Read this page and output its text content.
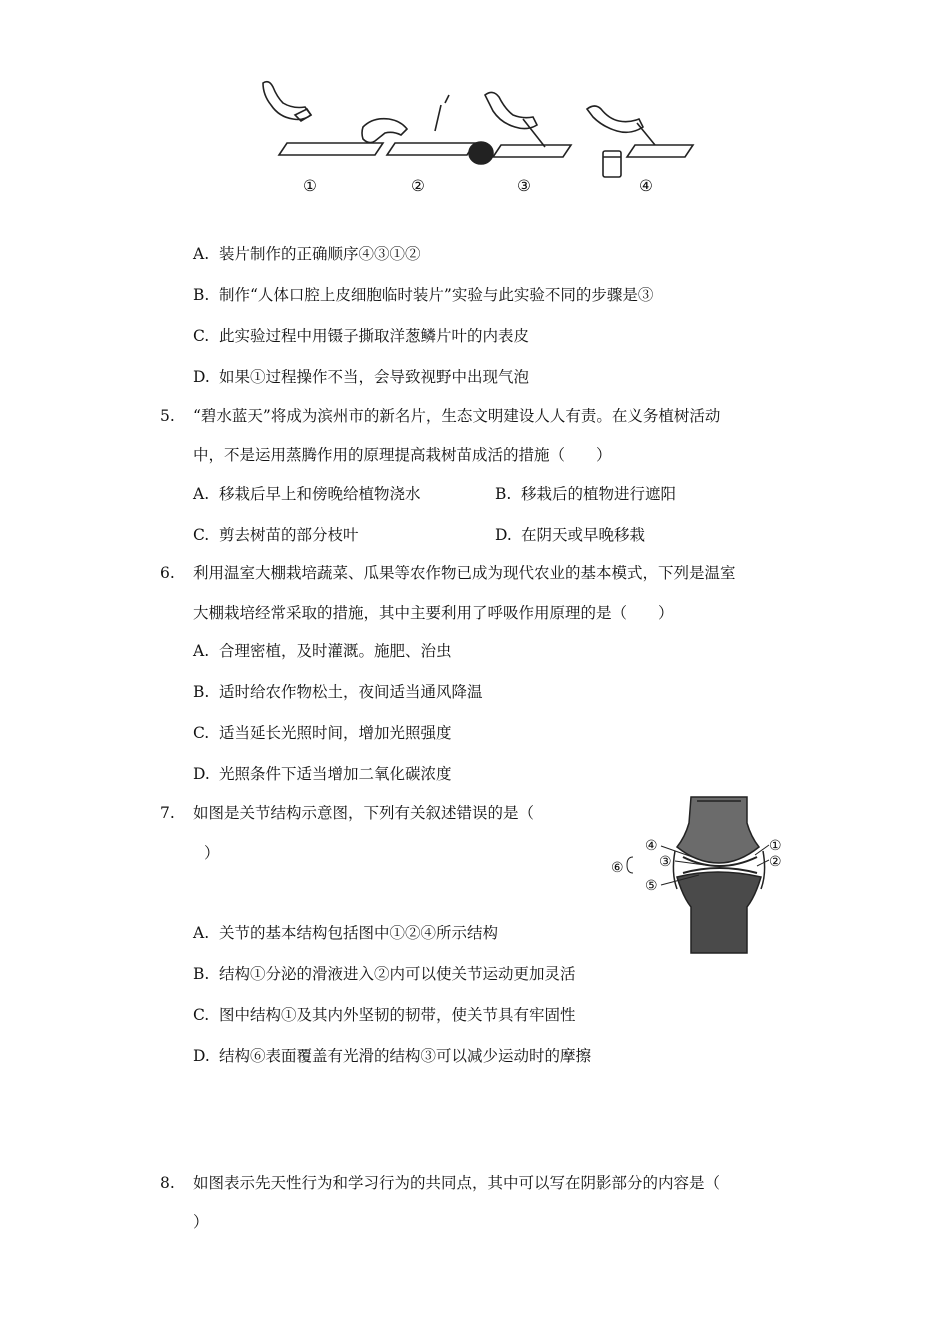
①	②	③	④
A. 装片制作的正确顺序④③①②
B. 制作“人体口腔上皮细胞临时装片”实验与此实验不同的步骤是③
C. 此实验过程中用镊子撕取洋葱鳞片叶的内表皮
D. 如果①过程操作不当，会导致视野中出现气泡
5. “碧水蓝天”将成为滨州市的新名片，生态文明建设人人有责。在义务植树活动
中，不是运用蒸腾作用的原理提高栽树苗成活的措施（　　）
A. 移栽后早上和傍晚给植物浇水	B. 移栽后的植物进行遮阳
C. 剪去树苗的部分枝叶	D. 在阴天或早晚移栽
6. 利用温室大棚栽培蔬菜、瓜果等农作物已成为现代农业的基本模式，下列是温室
大棚栽培经常采取的措施，其中主要利用了呼吸作用原理的是（　　）
A. 合理密植，及时灌溉。施肥、治虫
B. 适时给农作物松土，夜间适当通风降温
C. 适当延长光照时间，增加光照强度
D. 光照条件下适当增加二氧化碳浓度
7. 如图是关节结构示意图，下列有关叙述错误的是（
）	④	①
③	②
⑥
⑤
A. 关节的基本结构包括图中①②④所示结构
B. 结构①分泌的滑液进入②内可以使关节运动更加灵活
C. 图中结构①及其内外坚韧的韧带，使关节具有牢固性
D. 结构⑥表面覆盖有光滑的结构③可以减少运动时的摩擦
8. 如图表示先天性行为和学习行为的共同点，其中可以写在阴影部分的内容是（
）
